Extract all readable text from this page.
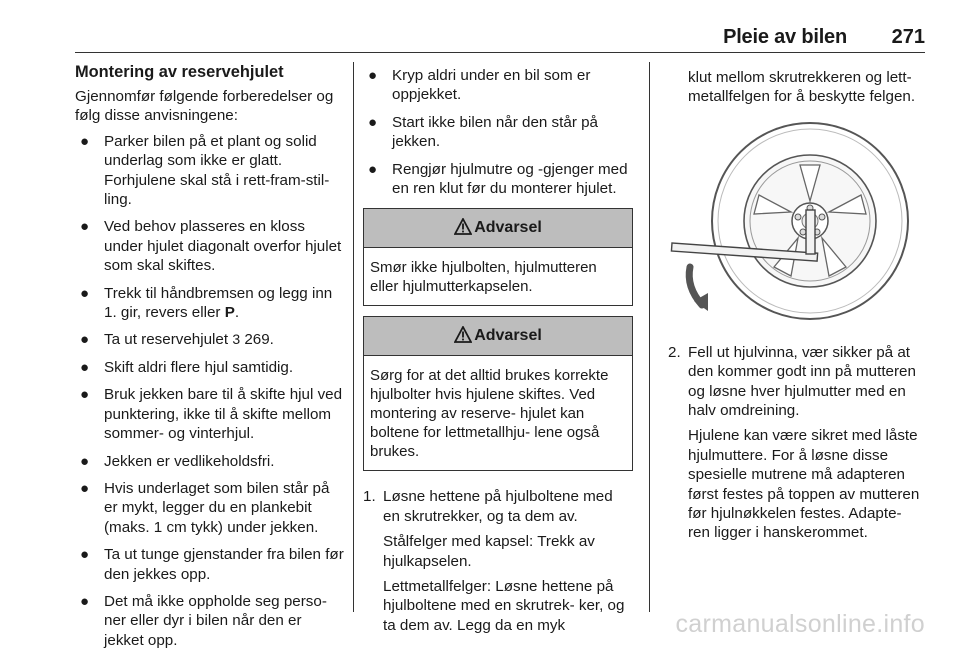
Pleie av bilen 271
Montering av reservehjulet

Gjennomfør følgende forberedelser og følg disse anvisningene:

● Parker bilen på et plant og solid underlag som ikke er glatt. Forhjulene skal stå i rett-fram-stil- ling.
● Ved behov plasseres en kloss under hjulet diagonalt overfor hjulet som skal skiftes.
● Trekk til håndbremsen og legg inn 1. gir, revers eller P.
● Ta ut reservehjulet 3 269.
● Skift aldri flere hjul samtidig.
● Bruk jekken bare til å skifte hjul ved punktering, ikke til å skifte mellom sommer- og vinterhjul.
● Jekken er vedlikeholdsfri.
● Hvis underlaget som bilen står på er mykt, legger du en plankebit (maks. 1 cm tykk) under jekken.
● Ta ut tunge gjenstander fra bilen før den jekkes opp.
● Det må ikke oppholde seg perso- ner eller dyr i bilen når den er jekket opp.
● Kryp aldri under en bil som er oppjekket.
● Start ikke bilen når den står på jekken.
● Rengjør hjulmutre og -gjenger med en ren klut før du monterer hjulet.
Advarsel
Smør ikke hjulbolten, hjulmutteren eller hjulmutterkapselen.
Advarsel
Sørg for at det alltid brukes korrekte hjulbolter hvis hjulene skiftes. Ved montering av reserve- hjulet kan boltene for lettmetallhju- lene også brukes.
1. Løsne hettene på hjulboltene med en skrutrekker, og ta dem av.

Stålfelger med kapsel: Trekk av hjulkapselen.

Lettmetallfelger: Løsne hettene på hjulboltene med en skrutrek- ker, og ta dem av. Legg da en myk

klut mellom skrutrekkeren og lett- metallfelgen for å beskytte felgen.

2. Fell ut hjulvinna, vær sikker på at den kommer godt inn på mutteren og løsne hver hjulmutter med en halv omdreining.

Hjulene kan være sikret med låste hjulmuttere. For å løsne disse spesielle mutrene må adapteren først festes på toppen av mutteren før hjulnøkkelen festes. Adapte- ren ligger i hanskerommet.

carmanualsonline.info
